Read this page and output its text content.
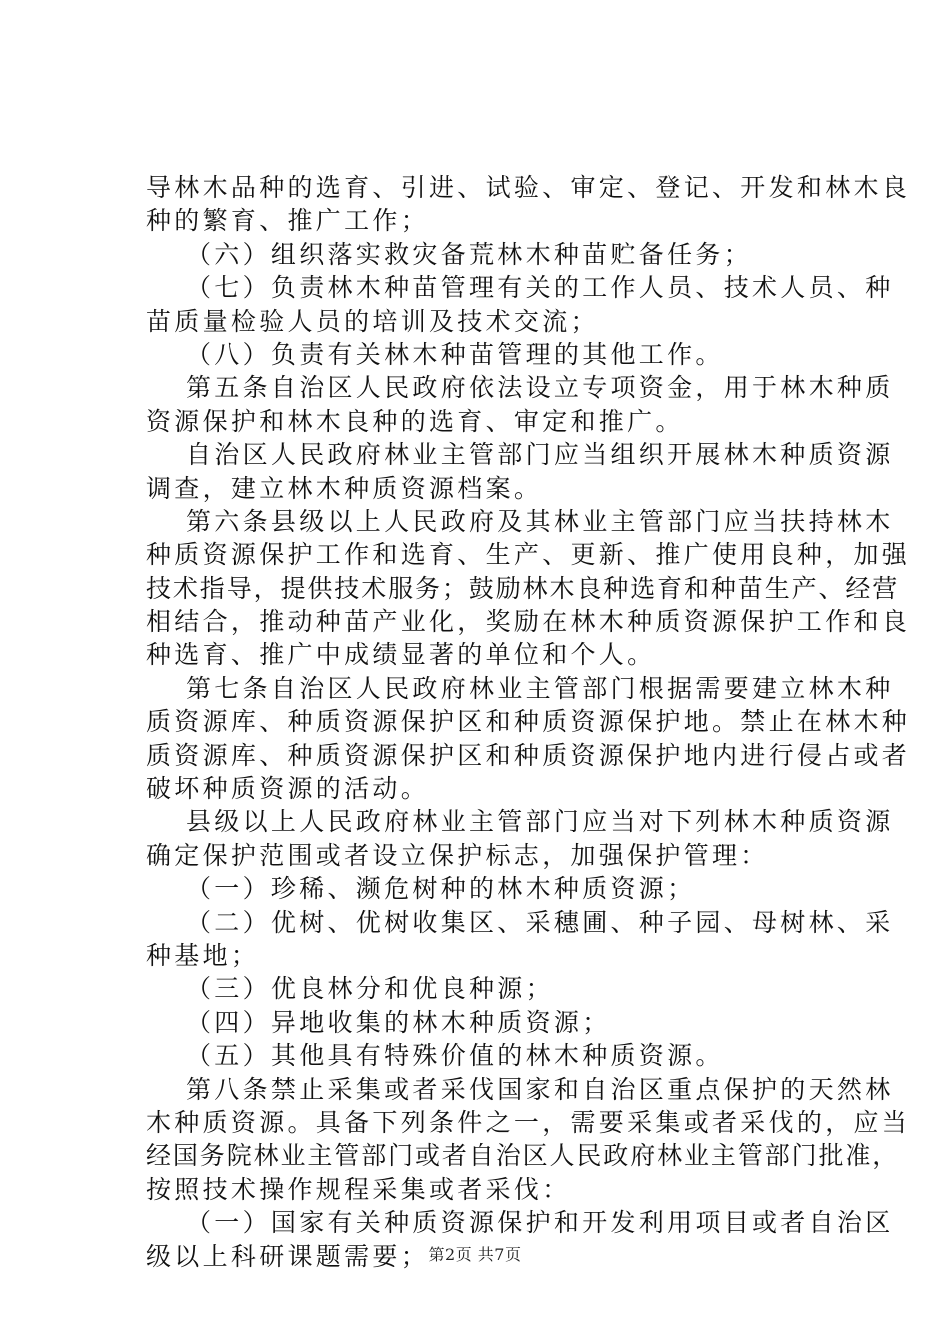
导林木品种的选育、引进、试验、审定、登记、开发和林木良
种的繁育、推广工作；
（六）组织落实救灾备荒林木种苗贮备任务；
（七）负责林木种苗管理有关的工作人员、技术人员、种
苗质量检验人员的培训及技术交流；
（八）负责有关林木种苗管理的其他工作。
第五条自治区人民政府依法设立专项资金，用于林木种质
资源保护和林木良种的选育、审定和推广。
自治区人民政府林业主管部门应当组织开展林木种质资源
调查，建立林木种质资源档案。
第六条县级以上人民政府及其林业主管部门应当扶持林木
种质资源保护工作和选育、生产、更新、推广使用良种，加强
技术指导，提供技术服务；鼓励林木良种选育和种苗生产、经营
相结合，推动种苗产业化，奖励在林木种质资源保护工作和良
种选育、推广中成绩显著的单位和个人。
第七条自治区人民政府林业主管部门根据需要建立林木种
质资源库、种质资源保护区和种质资源保护地。禁止在林木种
质资源库、种质资源保护区和种质资源保护地内进行侵占或者
破坏种质资源的活动。
县级以上人民政府林业主管部门应当对下列林木种质资源
确定保护范围或者设立保护标志，加强保护管理：
（一）珍稀、濒危树种的林木种质资源；
（二）优树、优树收集区、采穗圃、种子园、母树林、采
种基地；
（三）优良林分和优良种源；
（四）异地收集的林木种质资源；
（五）其他具有特殊价值的林木种质资源。
第八条禁止采集或者采伐国家和自治区重点保护的天然林
木种质资源。具备下列条件之一，需要采集或者采伐的，应当
经国务院林业主管部门或者自治区人民政府林业主管部门批准，
按照技术操作规程采集或者采伐：
（一）国家有关种质资源保护和开发利用项目或者自治区
级以上科研课题需要； 第2页 共7页
